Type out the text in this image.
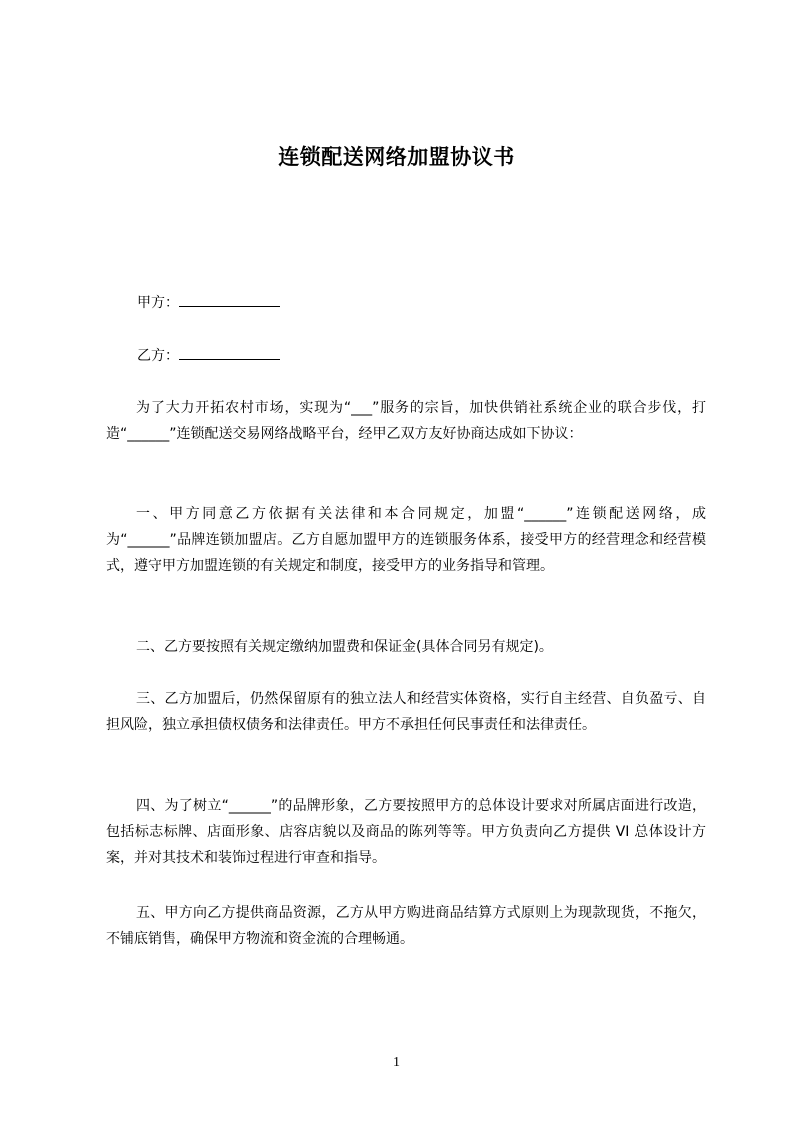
连锁配送网络加盟协议书
甲方：
乙方：
为了大力开拓农村市场，实现为“___”服务的宗旨，加快供销社系统企业的联合步伐，打造“______”连锁配送交易网络战略平台，经甲乙双方友好协商达成如下协议：
一、甲方同意乙方依据有关法律和本合同规定，加盟“______”连锁配送网络，成为“______”品牌连锁加盟店。乙方自愿加盟甲方的连锁服务体系，接受甲方的经营理念和经营模式，遵守甲方加盟连锁的有关规定和制度，接受甲方的业务指导和管理。
二、乙方要按照有关规定缴纳加盟费和保证金(具体合同另有规定)。
三、乙方加盟后，仍然保留原有的独立法人和经营实体资格，实行自主经营、自负盈亏、自担风险，独立承担债权债务和法律责任。甲方不承担任何民事责任和法律责任。
四、为了树立“______”的品牌形象，乙方要按照甲方的总体设计要求对所属店面进行改造，包括标志标牌、店面形象、店容店貌以及商品的陈列等等。甲方负责向乙方提供 VI 总体设计方案，并对其技术和装饰过程进行审查和指导。
五、甲方向乙方提供商品资源，乙方从甲方购进商品结算方式原则上为现款现货，不拖欠，不铺底销售，确保甲方物流和资金流的合理畅通。
1
